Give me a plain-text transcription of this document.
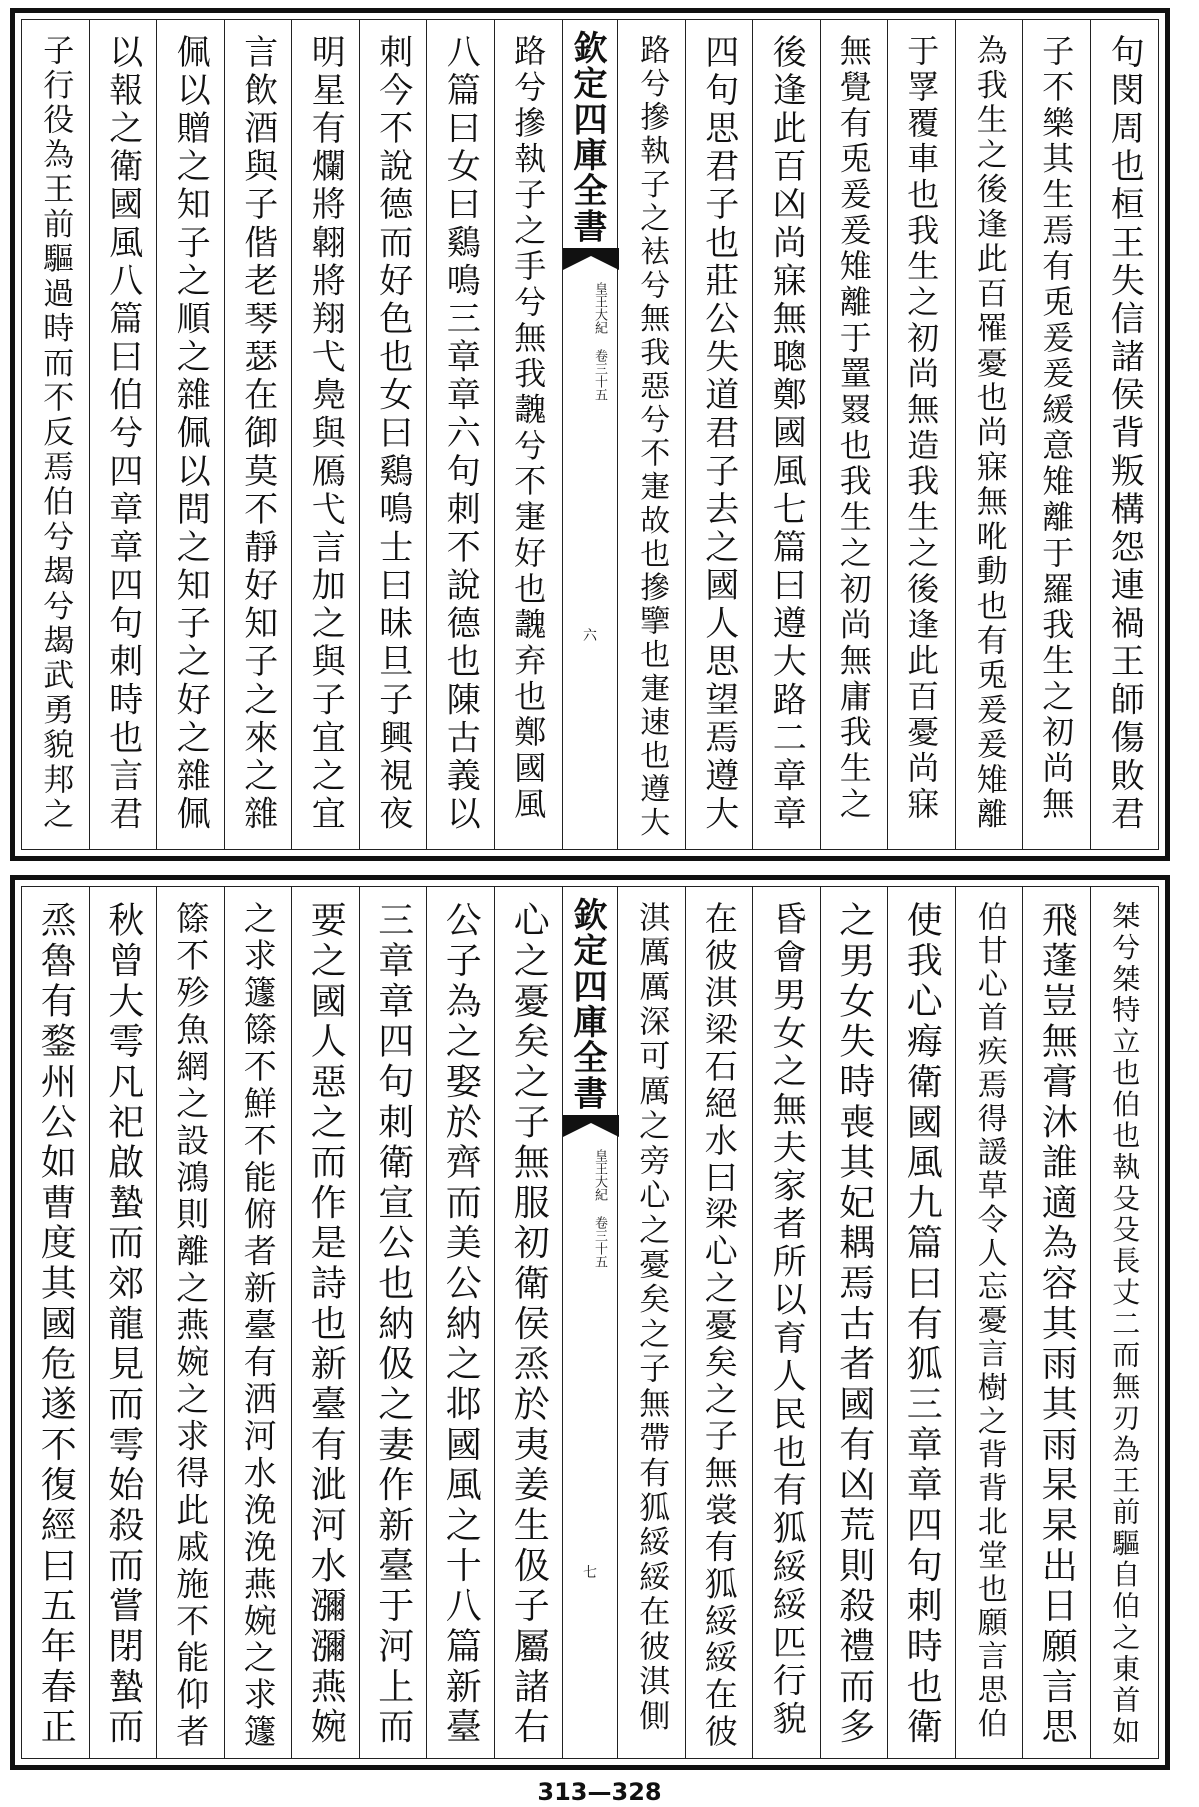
句閔周也桓王失信諸侯背叛構怨連禍王師傷敗君
子不樂其生焉有兎爰爰緩意雉離于羅我生之初尚無
為我生之後逢此百罹憂也尚寐無吪動也有兎爰爰雉離
于罦覆車也我生之初尚無造我生之後逢此百憂尚寐
無覺有兎爰爰雉離于罿罬也我生之初尚無庸我生之
後逢此百凶尚寐無聰鄭國風七篇曰遵大路二章章
四句思君子也莊公失道君子去之國人思望焉遵大
路兮摻執子之袪兮無我惡兮不寁故也摻擥也寁速也遵大
欽定四庫全書
皇王大紀 卷三十五
六
路兮摻執子之手兮無我魗兮不寁好也魗弃也鄭國風
八篇曰女曰鷄鳴三章章六句刺不說德也陳古義以
刺今不說德而好色也女曰鷄鳴士曰昧旦子興視夜
明星有爛將翺將翔弋鳧與鴈弋言加之與子宜之宜
言飲酒與子偕老琴瑟在御莫不靜好知子之來之雜
佩以贈之知子之順之雜佩以問之知子之好之雜佩
以報之衛國風八篇曰伯兮四章章四句刺時也言君
子行役為王前驅過時而不反焉伯兮朅兮朅武勇貌邦之
桀兮桀特立也伯也執殳殳長丈二而無刃為王前驅自伯之東首如
飛蓬豈無膏沐誰適為容其雨其雨杲杲出日願言思
伯甘心首疾焉得諼草令人忘憂言樹之背背北堂也願言思伯
使我心痗衛國風九篇曰有狐三章章四句刺時也衛
之男女失時喪其妃耦焉古者國有凶荒則殺禮而多
昏會男女之無夫家者所以育人民也有狐綏綏匹行貌
在彼淇梁石絕水曰梁心之憂矣之子無裳有狐綏綏在彼
淇厲厲深可厲之旁心之憂矣之子無帶有狐綏綏在彼淇側
欽定四庫全書
皇王大紀 卷三十五
七
心之憂矣之子無服初衛侯烝於夷姜生伋子屬諸右
公子為之娶於齊而美公納之邶國風之十八篇新臺
三章章四句刺衛宣公也納伋之妻作新臺于河上而
要之國人惡之而作是詩也新臺有泚河水瀰瀰燕婉
之求籧篨不鮮不能俯者新臺有洒河水浼浼燕婉之求籧
篨不殄魚網之設鴻則離之燕婉之求得此戚施不能仰者
秋曾大雩凡祀啟蟄而郊龍見而雩始殺而嘗閉蟄而
烝魯有鍪州公如曹度其國危遂不復經曰五年春正
313—328
